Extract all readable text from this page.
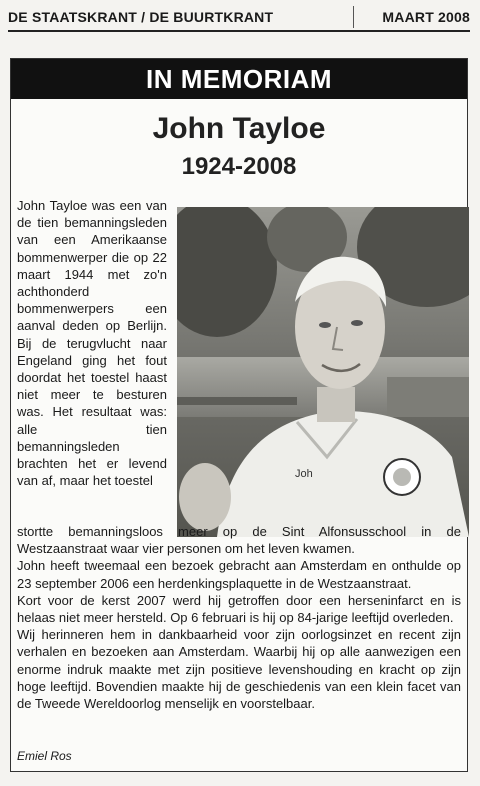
DE STAATSKRANT / DE BUURTKRANT	MAART 2008
IN MEMORIAM
John Tayloe
1924-2008

John Tayloe was een van de tien bemanningsleden van een Amerikaanse bommenwerper die op 22 maart 1944 met zo'n achthonderd bommenwerpers een aanval deden op Berlijn. Bij de terugvlucht naar Engeland ging het fout doordat het toestel haast niet meer te besturen was. Het resultaat was: alle tien bemanningsleden brachten het er levend van af, maar het toestel	Joh

stortte bemanningsloos meer op de Sint Alfonsusschool in de Westzaanstraat waar vier personen om het leven kwamen.

John heeft tweemaal een bezoek gebracht aan Amsterdam en onthulde op 23 september 2006 een herdenkingsplaquette in de Westzaanstraat.

Kort voor de kerst 2007 werd hij getroffen door een herseninfarct en is helaas niet meer hersteld. Op 6 februari is hij op 84-jarige leeftijd overleden.

Wij herinneren hem in dankbaarheid voor zijn oorlogsinzet en recent zijn verhalen en bezoeken aan Amsterdam. Waarbij hij op alle aanwezigen een enorme indruk maakte met zijn positieve levenshouding en kracht op zijn hoge leeftijd. Bovendien maakte hij de geschiedenis van een klein facet van de Tweede Wereldoorlog menselijk en voorstelbaar.

Emiel Ros
